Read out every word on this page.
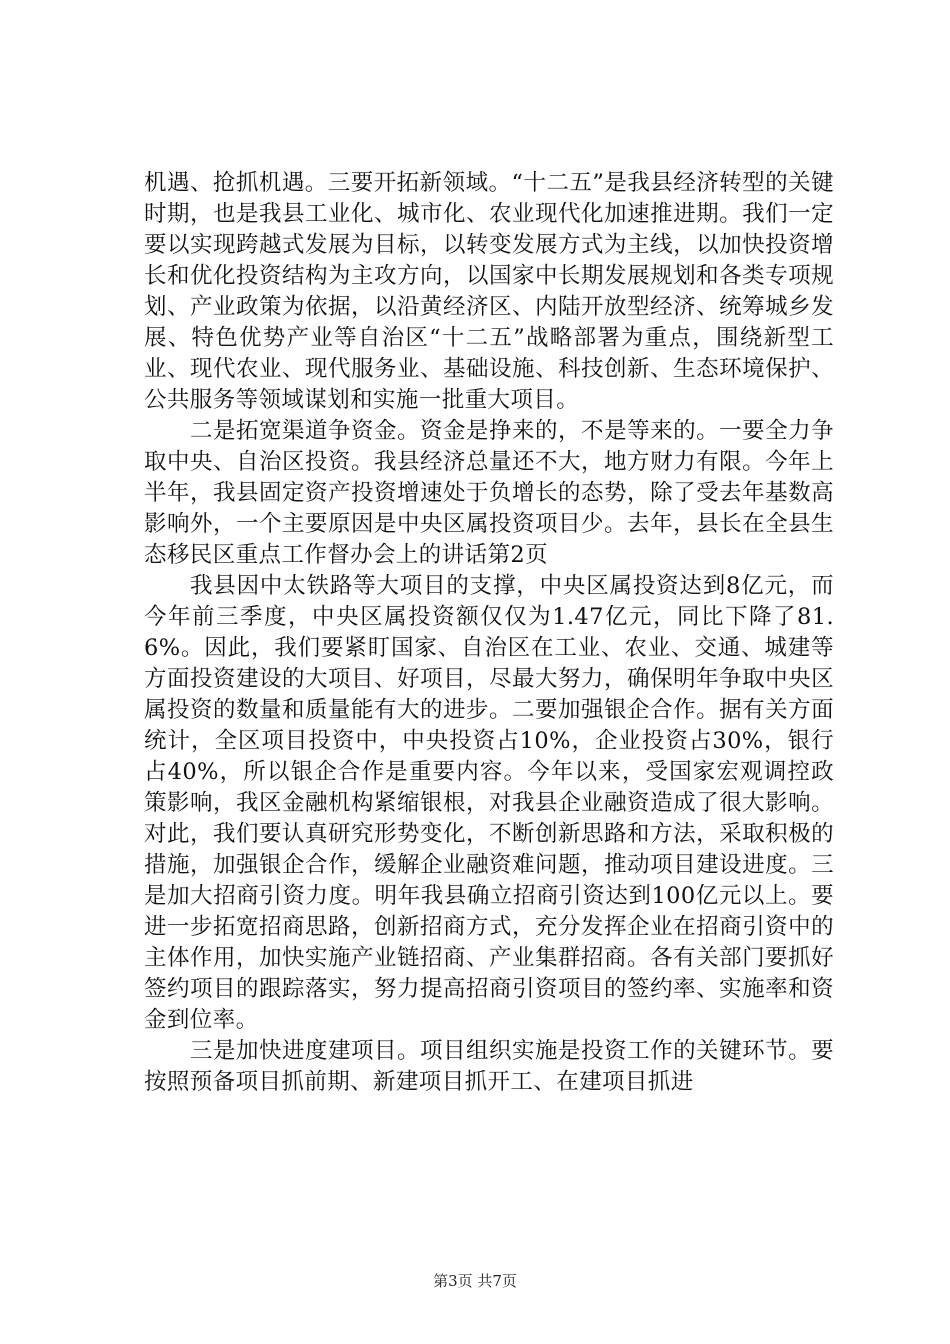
机遇、抢抓机遇。三要开拓新领域。“十二五”是我县经济转型的关键时期，也是我县工业化、城市化、农业现代化加速推进期。我们一定要以实现跨越式发展为目标，以转变发展方式为主线，以加快投资增长和优化投资结构为主攻方向，以国家中长期发展规划和各类专项规划、产业政策为依据，以沿黄经济区、内陆开放型经济、统筹城乡发展、特色优势产业等自治区“十二五”战略部署为重点，围绕新型工业、现代农业、现代服务业、基础设施、科技创新、生态环境保护、公共服务等领域谋划和实施一批重大项目。

二是拓宽渠道争资金。资金是挣来的，不是等来的。一要全力争取中央、自治区投资。我县经济总量还不大，地方财力有限。今年上半年，我县固定资产投资增速处于负增长的态势，除了受去年基数高影响外，一个主要原因是中央区属投资项目少。去年，县长在全县生态移民区重点工作督办会上的讲话第2页

我县因中太铁路等大项目的支撑，中央区属投资达到8亿元，而今年前三季度，中央区属投资额仅仅为1.47亿元，同比下降了81.6%。因此，我们要紧盯国家、自治区在工业、农业、交通、城建等方面投资建设的大项目、好项目，尽最大努力，确保明年争取中央区属投资的数量和质量能有大的进步。二要加强银企合作。据有关方面统计，全区项目投资中，中央投资占10%，企业投资占30%，银行占40%，所以银企合作是重要内容。今年以来，受国家宏观调控政策影响，我区金融机构紧缩银根，对我县企业融资造成了很大影响。对此，我们要认真研究形势变化，不断创新思路和方法，采取积极的措施，加强银企合作，缓解企业融资难问题，推动项目建设进度。三是加大招商引资力度。明年我县确立招商引资达到100亿元以上。要进一步拓宽招商思路，创新招商方式，充分发挥企业在招商引资中的主体作用，加快实施产业链招商、产业集群招商。各有关部门要抓好签约项目的跟踪落实，努力提高招商引资项目的签约率、实施率和资金到位率。

三是加快进度建项目。项目组织实施是投资工作的关键环节。要按照预备项目抓前期、新建项目抓开工、在建项目抓进

第3页 共7页
